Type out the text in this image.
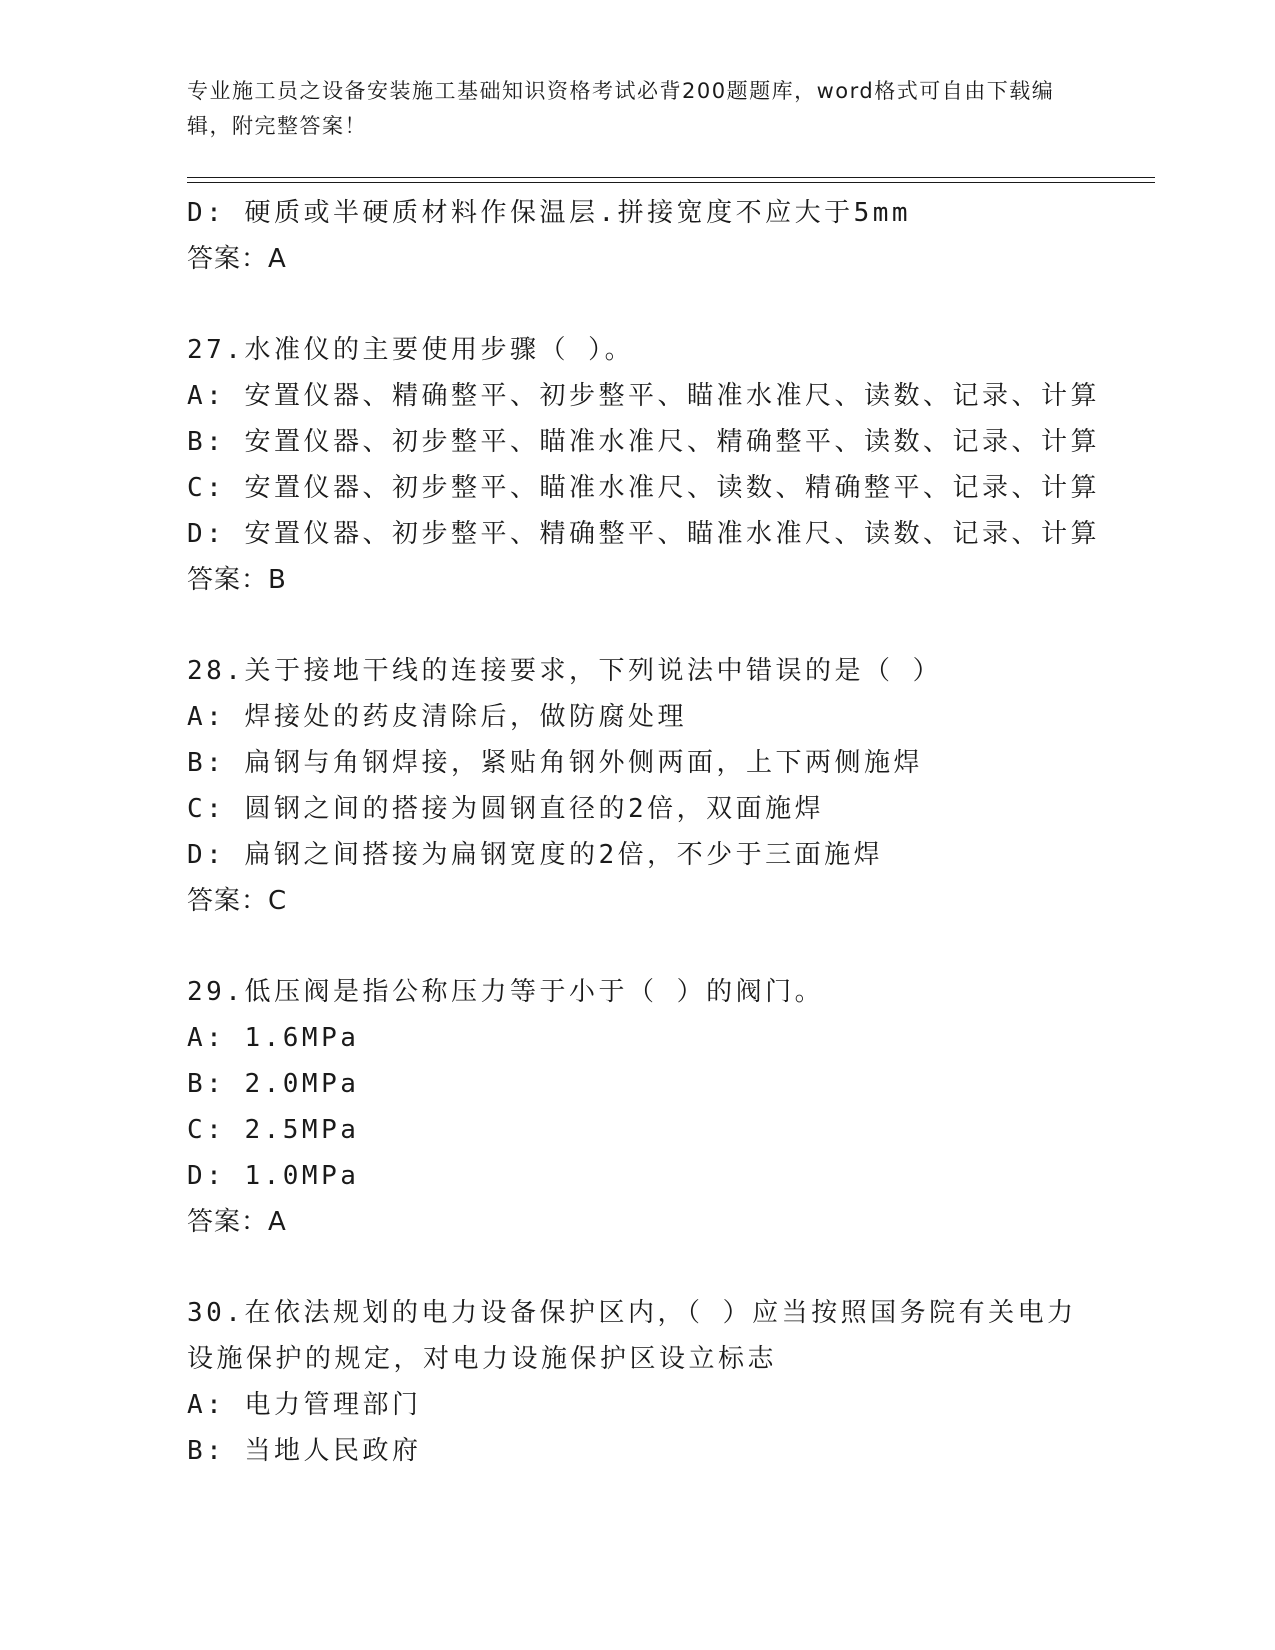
专业施工员之设备安装施工基础知识资格考试必背200题题库，word格式可自由下载编辑，附完整答案！
D: 硬质或半硬质材料作保温层.拼接宽度不应大于5mm
答案：A
27.水准仪的主要使用步骤（ ）。
A: 安置仪器、精确整平、初步整平、瞄准水准尺、读数、记录、计算
B: 安置仪器、初步整平、瞄准水准尺、精确整平、读数、记录、计算
C: 安置仪器、初步整平、瞄准水准尺、读数、精确整平、记录、计算
D: 安置仪器、初步整平、精确整平、瞄准水准尺、读数、记录、计算
答案：B
28.关于接地干线的连接要求，下列说法中错误的是（ ）
A: 焊接处的药皮清除后，做防腐处理
B: 扁钢与角钢焊接，紧贴角钢外侧两面，上下两侧施焊
C: 圆钢之间的搭接为圆钢直径的2倍，双面施焊
D: 扁钢之间搭接为扁钢宽度的2倍，不少于三面施焊
答案：C
29.低压阀是指公称压力等于小于（ ）的阀门。
A: 1.6MPa
B: 2.0MPa
C: 2.5MPa
D: 1.0MPa
答案：A
30.在依法规划的电力设备保护区内，（ ）应当按照国务院有关电力
设施保护的规定，对电力设施保护区设立标志
A: 电力管理部门
B: 当地人民政府
